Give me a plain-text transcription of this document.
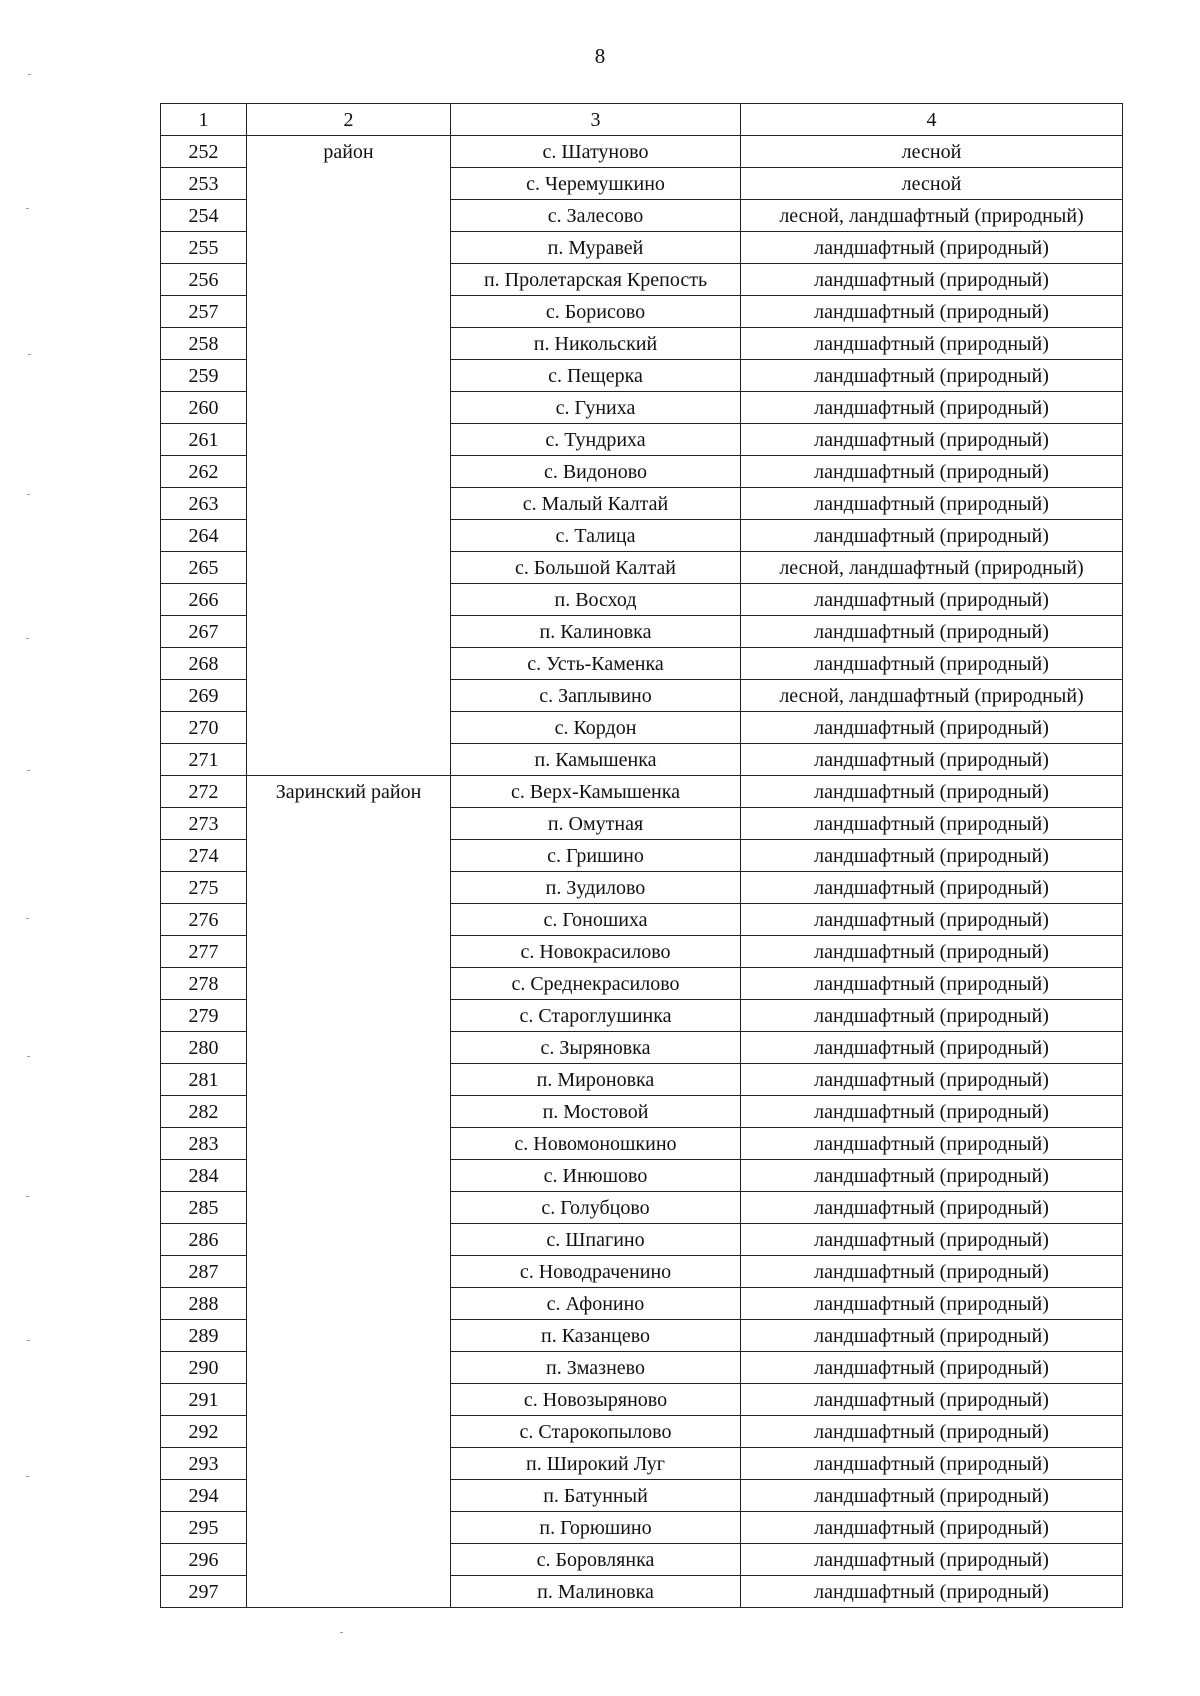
8
1	2	3	4
252	район	с. Шатуново	лесной
253		с. Черемушкино	лесной
254		с. Залесово	лесной, ландшафтный (природный)
255		п. Муравей	ландшафтный (природный)
256		п. Пролетарская Крепость	ландшафтный (природный)
257		с. Борисово	ландшафтный (природный)
258		п. Никольский	ландшафтный (природный)
259		с. Пещерка	ландшафтный (природный)
260		с. Гуниха	ландшафтный (природный)
261		с. Тундриха	ландшафтный (природный)
262		с. Видоново	ландшафтный (природный)
263		с. Малый Калтай	ландшафтный (природный)
264		с. Талица	ландшафтный (природный)
265		с. Большой Калтай	лесной, ландшафтный (природный)
266		п. Восход	ландшафтный (природный)
267		п. Калиновка	ландшафтный (природный)
268		с. Усть-Каменка	ландшафтный (природный)
269		с. Заплывино	лесной, ландшафтный (природный)
270		с. Кордон	ландшафтный (природный)
271		п. Камышенка	ландшафтный (природный)
272	Заринский район	с. Верх-Камышенка	ландшафтный (природный)
273		п. Омутная	ландшафтный (природный)
274		с. Гришино	ландшафтный (природный)
275		п. Зудилово	ландшафтный (природный)
276		с. Гоношиха	ландшафтный (природный)
277		с. Новокрасилово	ландшафтный (природный)
278		с. Среднекрасилово	ландшафтный (природный)
279		с. Староглушинка	ландшафтный (природный)
280		с. Зыряновка	ландшафтный (природный)
281		п. Мироновка	ландшафтный (природный)
282		п. Мостовой	ландшафтный (природный)
283		с. Новомоношкино	ландшафтный (природный)
284		с. Инюшово	ландшафтный (природный)
285		с. Голубцово	ландшафтный (природный)
286		с. Шпагино	ландшафтный (природный)
287		с. Новодраченино	ландшафтный (природный)
288		с. Афонино	ландшафтный (природный)
289		п. Казанцево	ландшафтный (природный)
290		п. Змазнево	ландшафтный (природный)
291		с. Новозыряново	ландшафтный (природный)
292		с. Старокопылово	ландшафтный (природный)
293		п. Широкий Луг	ландшафтный (природный)
294		п. Батунный	ландшафтный (природный)
295		п. Горюшино	ландшафтный (природный)
296		с. Боровлянка	ландшафтный (природный)
297		п. Малиновка	ландшафтный (природный)
